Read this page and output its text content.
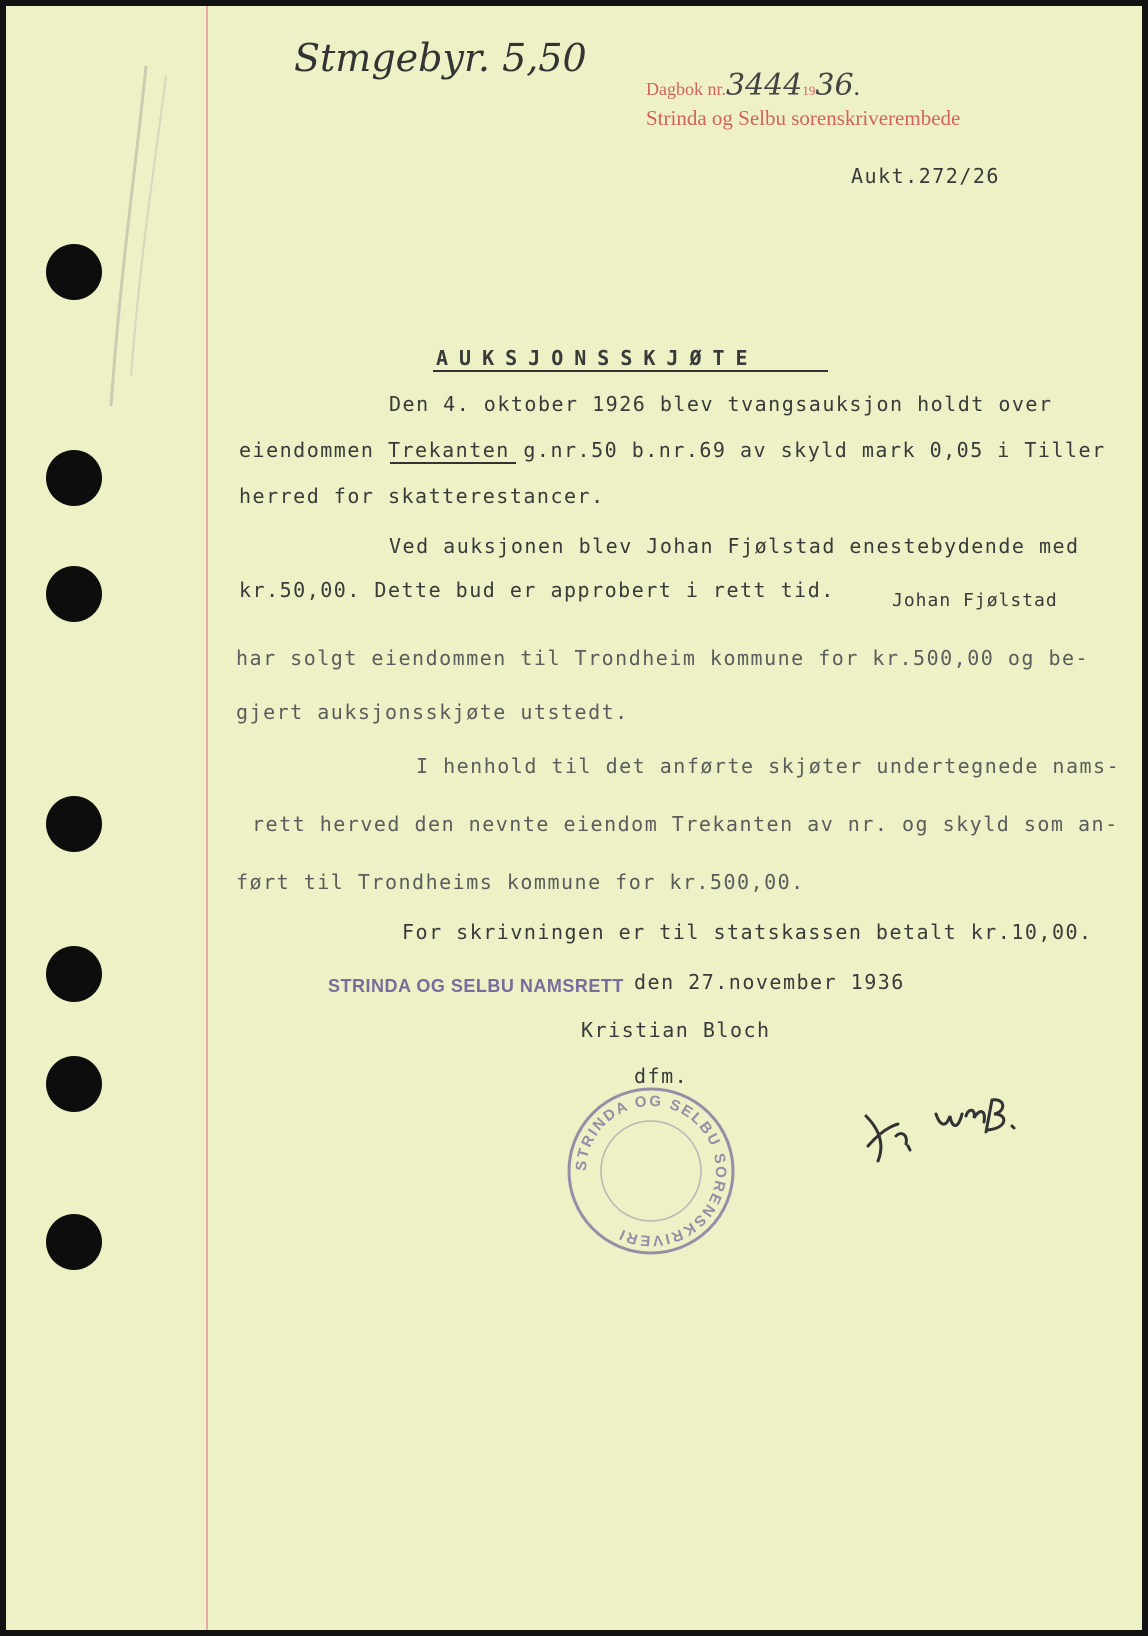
Stmgebyr. 5,50
Dagbok nr.34441936.
Strinda og Selbu sorenskriverembede
Aukt.272/26
AUKSJONSSKJØTE
Den 4. oktober 1926 blev tvangsauksjon holdt over
eiendommen Trekanten g.nr.50 b.nr.69 av skyld mark 0,05 i Tiller
herred for skatterestancer.
Ved auksjonen blev Johan Fjølstad enestebydende med
kr.50,00. Dette bud er approbert i rett tid.	Johan Fjølstad
har solgt eiendommen til Trondheim kommune for kr.500,00 og be-
gjert auksjonsskjøte utstedt.
I henhold til det anførte skjøter undertegnede nams-
rett herved den nevnte eiendom Trekanten av nr. og skyld som an-
ført til Trondheims kommune for kr.500,00.
For skrivningen er til statskassen betalt kr.10,00.
STRINDA OG SELBU NAMSRETT den 27.november 1936
Kristian Bloch
dfm.
STRINDA OG SELBU SORENSKRIVERI
